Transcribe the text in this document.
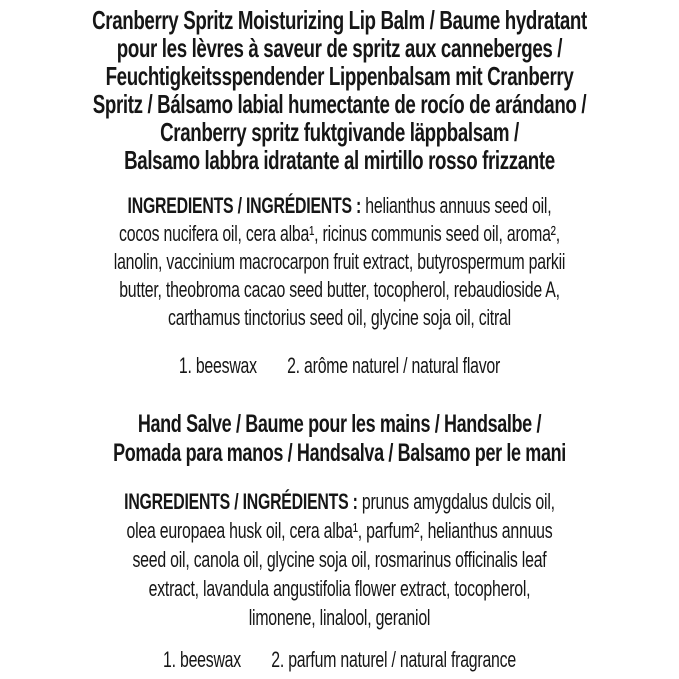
Cranberry Spritz Moisturizing Lip Balm / Baume hydratant
pour les lèvres à saveur de spritz aux canneberges /
Feuchtigkeitsspendender Lippenbalsam mit Cranberry
Spritz / Bálsamo labial humectante de rocío de arándano /
Cranberry spritz fuktgivande läppbalsam /
Balsamo labbra idratante al mirtillo rosso frizzante
INGREDIENTS / INGRÉDIENTS : helianthus annuus seed oil,
cocos nucifera oil, cera alba¹, ricinus communis seed oil, aroma²,
lanolin, vaccinium macrocarpon fruit extract, butyrospermum parkii
butter, theobroma cacao seed butter, tocopherol, rebaudioside A,
carthamus tinctorius seed oil, glycine soja oil, citral
1. beeswax 2. arôme naturel / natural flavor
Hand Salve / Baume pour les mains / Handsalbe /
Pomada para manos / Handsalva / Balsamo per le mani
INGREDIENTS / INGRÉDIENTS : prunus amygdalus dulcis oil,
olea europaea husk oil, cera alba¹, parfum², helianthus annuus
seed oil, canola oil, glycine soja oil, rosmarinus officinalis leaf
extract, lavandula angustifolia flower extract, tocopherol,
limonene, linalool, geraniol
1. beeswax 2. parfum naturel / natural fragrance
